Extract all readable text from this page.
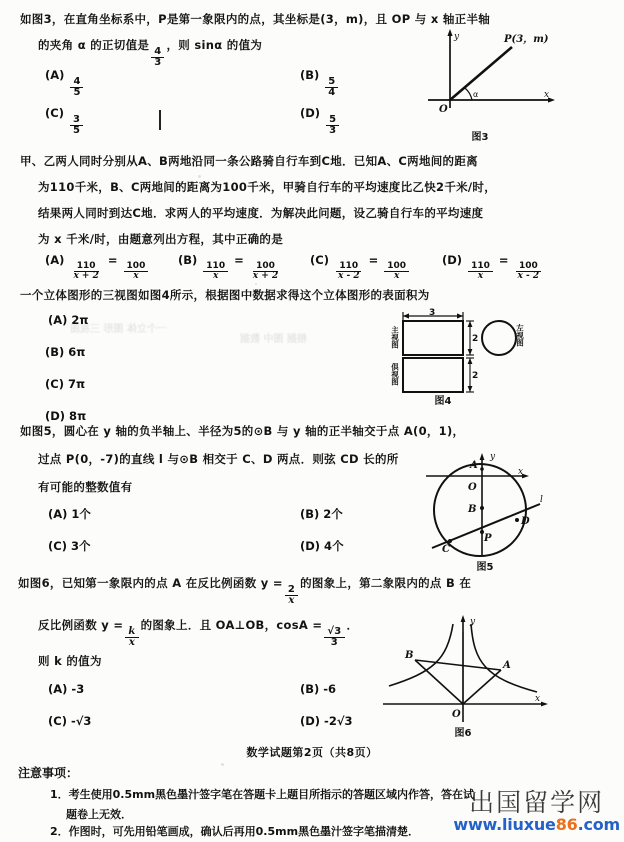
一个立体 图形 三视图
根据 图中 数据
如图3，在直角坐标系中，P是第一象限内的点，其坐标是(3，m)，且 OP 与 x 轴正半轴
的夹角 α 的正切值是
$\frac{4}{3}$
，则 sinα 的值为
(A)
$\frac{4}{5}$
(B)
$\frac{5}{4}$
(C)
$\frac{3}{5}$
(D)
$\frac{5}{3}$
y
x
O
α
P(3，m)
图3
甲、乙两人同时分别从A、B两地沿同一条公路骑自行车到C地．已知A、C两地间的距离
为110千米，B、C两地间的距离为100千米，甲骑自行车的平均速度比乙快2千米/时，
结果两人同时到达C地．求两人的平均速度．为解决此问题，设乙骑自行车的平均速度
为 x 千米/时，由题意列出方程，其中正确的是
(A)
$\frac{110}{x + 2}$
=
$\frac{100}{x}$
(B)
$\frac{110}{x}$
=
$\frac{100}{x + 2}$
(C)
$\frac{110}{x - 2}$
=
$\frac{100}{x}$
(D)
$\frac{110}{x}$
=
$\frac{100}{x - 2}$
一个立体图形的三视图如图4所示，根据图中数据求得这个立体图形的表面积为
(A) 2π
(B) 6π
(C) 7π
(D) 8π
3
2
2
主视图
俱视图
左视图
图4
如图5，圆心在 y 轴的负半轴上、半径为5的⊙B 与 y 轴的正半轴交于点 A(0，1)，
过点 P(0，-7)的直线 l 与⊙B 相交于 C、D 两点．则弦 CD 长的所
有可能的整数值有
(A) 1个	(B) 2个
(C) 3个	(D) 4个
A
y
x
O
B
P
C
D
l
图5
如图6，已知第一象限内的点 A 在反比例函数 y =
$\frac{2}{x}$
的图象上，第二象限内的点 B 在
反比例函数 y =
$\frac{k}{x}$
的图象上．且 OA⊥OB，cosA =
$\frac{√3}{3}$
．
则 k 的值为
(A) -3	(B) -6
(C) -√3	(D) -2√3
B
A
O
y
x
图6
数学试题第2页（共8页）
注意事项：
1．考生使用0.5mm黑色墨汁签字笔在答题卡上题目所指示的答题区域内作答，答在试
题卷上无效．
2．作图时，可先用铅笔画成，确认后再用0.5mm黑色墨汁签字笔描清楚．
出国留学网
www.liuxue86.com
